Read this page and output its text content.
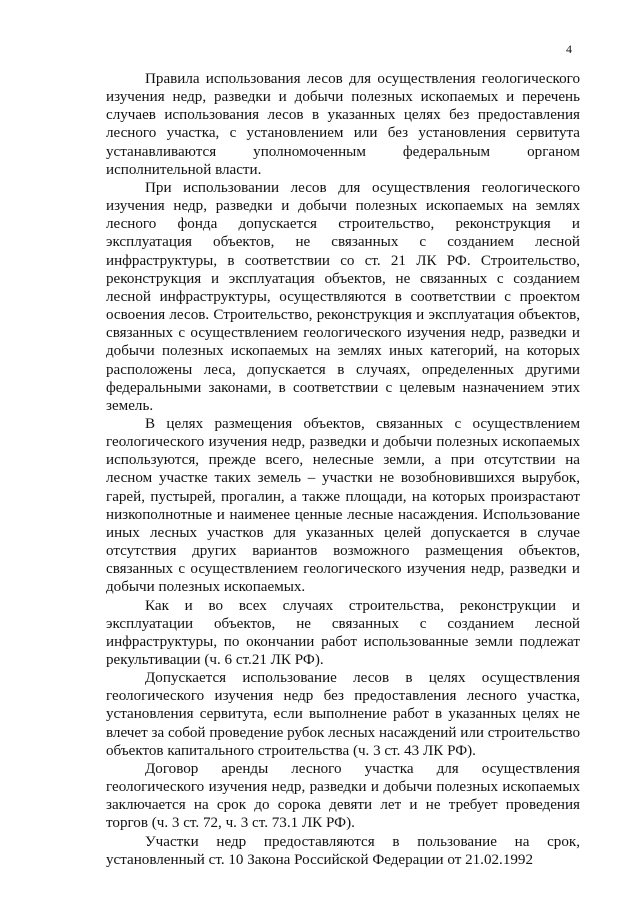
4

Правила использования лесов для осуществления геологического изучения недр, разведки и добычи полезных ископаемых и перечень случаев использования лесов в указанных целях без предоставления лесного участка, с установлением или без установления сервитута устанавливаются уполномоченным федеральным органом исполнительной власти.

При использовании лесов для осуществления геологического изучения недр, разведки и добычи полезных ископаемых на землях лесного фонда допускается строительство, реконструкция и эксплуатация объектов, не связанных с созданием лесной инфраструктуры, в соответствии со ст. 21 ЛК РФ. Строительство, реконструкция и эксплуатация объектов, не связанных с созданием лесной инфраструктуры, осуществляются в соответствии с проектом освоения лесов. Строительство, реконструкция и эксплуатация объектов, связанных с осуществлением геологического изучения недр, разведки и добычи полезных ископаемых на землях иных категорий, на которых расположены леса, допускается в случаях, определенных другими федеральными законами, в соответствии с целевым назначением этих земель.

В целях размещения объектов, связанных с осуществлением геологического изучения недр, разведки и добычи полезных ископаемых используются, прежде всего, нелесные земли, а при отсутствии на лесном участке таких земель – участки не возобновившихся вырубок, гарей, пустырей, прогалин, а также площади, на которых произрастают низкополнотные и наименее ценные лесные насаждения. Использование иных лесных участков для указанных целей допускается в случае отсутствия других вариантов возможного размещения объектов, связанных с осуществлением геологического изучения недр, разведки и добычи полезных ископаемых.

Как и во всех случаях строительства, реконструкции и эксплуатации объектов, не связанных с созданием лесной инфраструктуры, по окончании работ использованные земли подлежат рекультивации (ч. 6 ст.21 ЛК РФ).

Допускается использование лесов в целях осуществления геологического изучения недр без предоставления лесного участка, установления сервитута, если выполнение работ в указанных целях не влечет за собой проведение рубок лесных насаждений или строительство объектов капитального строительства (ч. 3 ст. 43 ЛК РФ).

Договор аренды лесного участка для осуществления геологического изучения недр, разведки и добычи полезных ископаемых заключается на срок до сорока девяти лет и не требует проведения торгов (ч. 3 ст. 72, ч. 3 ст. 73.1 ЛК РФ).

Участки недр предоставляются в пользование на срок, установленный ст. 10 Закона Российской Федерации от 21.02.1992
